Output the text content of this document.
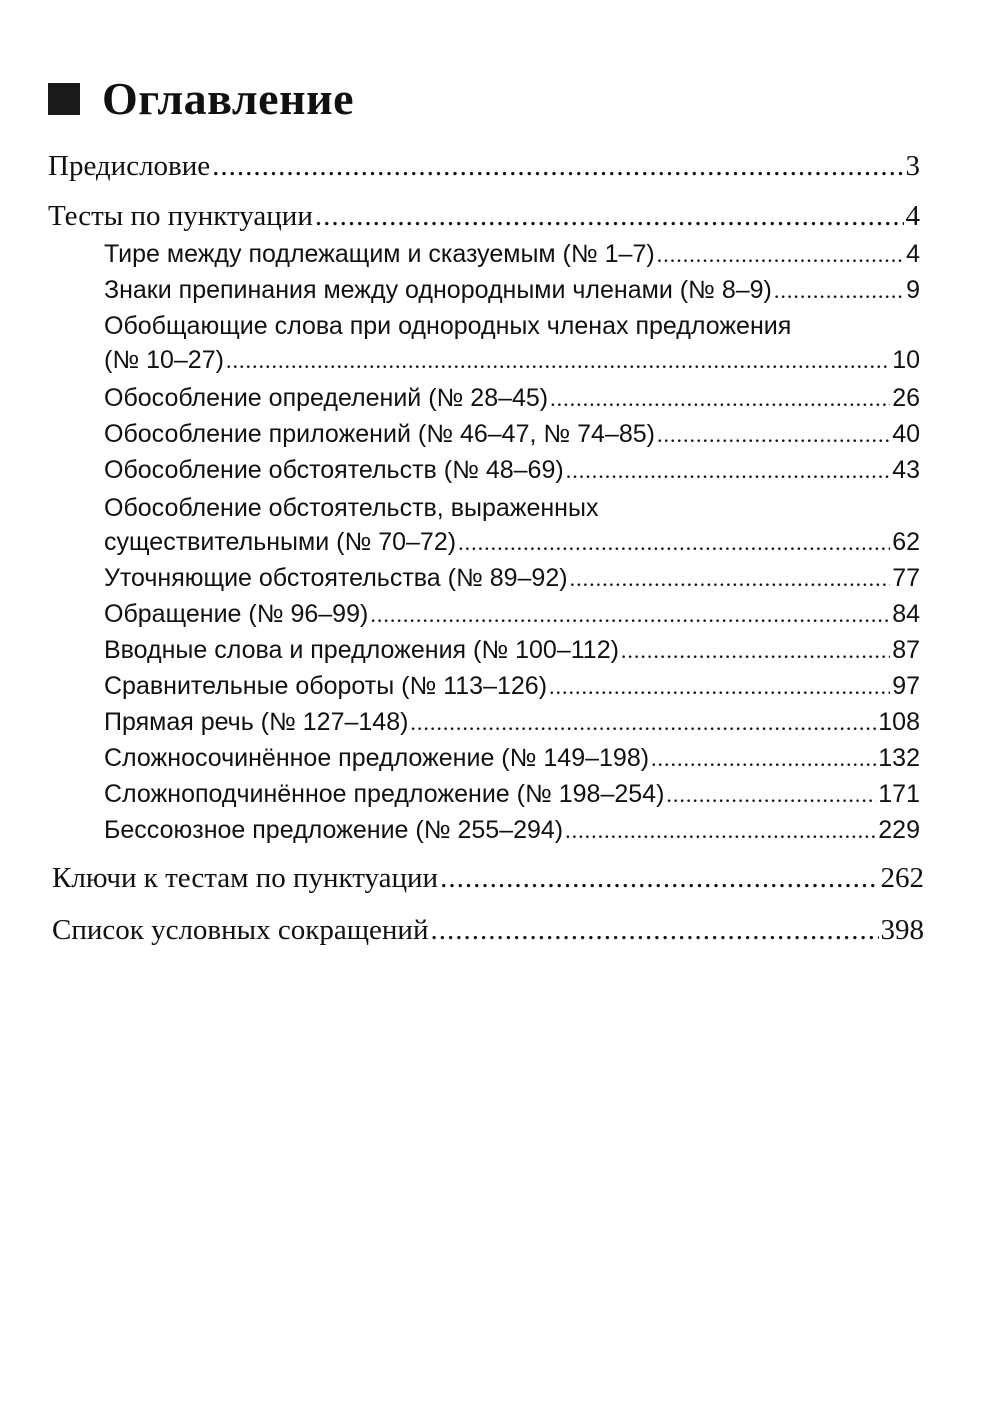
Оглавление
Предисловие .....	3
Тесты по пунктуации .....	4
Тире между подлежащим и сказуемым (№ 1–7) .....	4
Знаки препинания между однородными членами (№ 8–9) .....	9
Обобщающие слова при однородных членах предложения
(№ 10–27) .....	10
Обособление определений (№ 28–45) .....	26
Обособление приложений (№ 46–47, № 74–85) .....	40
Обособление обстоятельств (№ 48–69) .....	43
Обособление обстоятельств, выраженных
существительными (№ 70–72) .....	62
Уточняющие обстоятельства (№ 89–92) .....	77
Обращение (№ 96–99) .....	84
Вводные слова и предложения (№ 100–112) .....	87
Сравнительные обороты (№ 113–126) .....	97
Прямая речь (№ 127–148) .....	108
Сложносочинённое предложение (№ 149–198) .....	132
Сложноподчинённое предложение (№ 198–254) .....	171
Бессоюзное предложение (№ 255–294) .....	229
Ключи к тестам по пунктуации .....	262
Список условных сокращений .....	398
